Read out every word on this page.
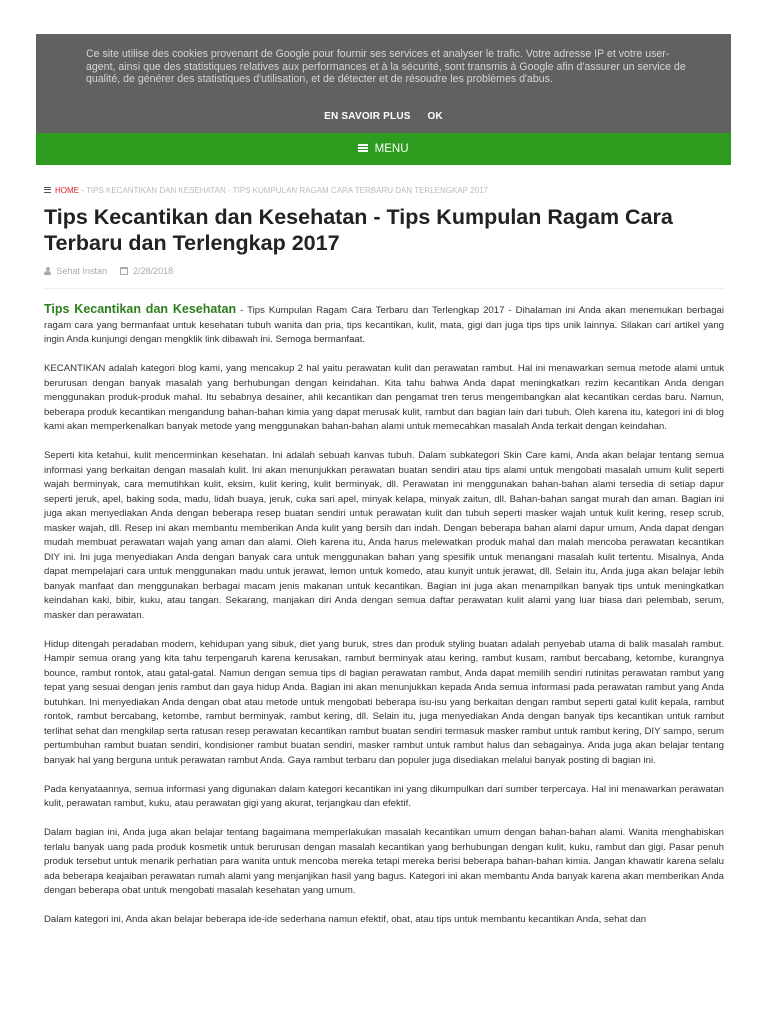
Ce site utilise des cookies provenant de Google pour fournir ses services et analyser le trafic. Votre adresse IP et votre user-agent, ainsi que des statistiques relatives aux performances et à la sécurité, sont transmis à Google afin d'assurer un service de qualité, de générer des statistiques d'utilisation, et de détecter et de résoudre les problèmes d'abus.
EN SAVOIR PLUS OK
MENU
HOME › TIPS KECANTIKAN DAN KESEHATAN - TIPS KUMPULAN RAGAM CARA TERBARU DAN TERLENGKAP 2017
Tips Kecantikan dan Kesehatan - Tips Kumpulan Ragam Cara Terbaru dan Terlengkap 2017
Sehat Instan	2/28/2018

Tips Kecantikan dan Kesehatan - Tips Kumpulan Ragam Cara Terbaru dan Terlengkap 2017 - Dihalaman ini Anda akan menemukan berbagai ragam cara yang bermanfaat untuk kesehatan tubuh wanita dan pria, tips kecantikan, kulit, mata, gigi dan juga tips tips unik lainnya. Silakan cari artikel yang ingin Anda kunjungi dengan mengklik link dibawah ini. Semoga bermanfaat.

KECANTIKAN adalah kategori blog kami, yang mencakup 2 hal yaitu perawatan kulit dan perawatan rambut. Hal ini menawarkan semua metode alami untuk berurusan dengan banyak masalah yang berhubungan dengan keindahan. Kita tahu bahwa Anda dapat meningkatkan rezim kecantikan Anda dengan menggunakan produk-produk mahal. Itu sebabnya desainer, ahli kecantikan dan pengamat tren terus mengembangkan alat kecantikan cerdas baru. Namun, beberapa produk kecantikan mengandung bahan-bahan kimia yang dapat merusak kulit, rambut dan bagian lain dari tubuh. Oleh karena itu, kategori ini di blog kami akan memperkenalkan banyak metode yang menggunakan bahan-bahan alami untuk memecahkan masalah Anda terkait dengan keindahan.

Seperti kita ketahui, kulit mencerminkan kesehatan. Ini adalah sebuah kanvas tubuh. Dalam subkategori Skin Care kami, Anda akan belajar tentang semua informasi yang berkaitan dengan masalah kulit. Ini akan menunjukkan perawatan buatan sendiri atau tips alami untuk mengobati masalah umum kulit seperti wajah berminyak, cara memutihkan kulit, eksim, kulit kering, kulit berminyak, dll. Perawatan ini menggunakan bahan-bahan alami tersedia di setiap dapur seperti jeruk, apel, baking soda, madu, lidah buaya, jeruk, cuka sari apel, minyak kelapa, minyak zaitun, dll. Bahan-bahan sangat murah dan aman. Bagian ini juga akan menyediakan Anda dengan beberapa resep buatan sendiri untuk perawatan kulit dan tubuh seperti masker wajah untuk kulit kering, resep scrub, masker wajah, dll. Resep ini akan membantu memberikan Anda kulit yang bersih dan indah. Dengan beberapa bahan alami dapur umum, Anda dapat dengan mudah membuat perawatan wajah yang aman dan alami. Oleh karena itu, Anda harus melewatkan produk mahal dan malah mencoba perawatan kecantikan DIY ini. Ini juga menyediakan Anda dengan banyak cara untuk menggunakan bahan yang spesifik untuk menangani masalah kulit tertentu. Misalnya, Anda dapat mempelajari cara untuk menggunakan madu untuk jerawat, lemon untuk komedo, atau kunyit untuk jerawat, dll. Selain itu, Anda juga akan belajar lebih banyak manfaat dan menggunakan berbagai macam jenis makanan untuk kecantikan. Bagian ini juga akan menampilkan banyak tips untuk meningkatkan keindahan kaki, bibir, kuku, atau tangan. Sekarang, manjakan diri Anda dengan semua daftar perawatan kulit alami yang luar biasa dari pelembab, serum, masker dan perawatan.

Hidup ditengah peradaban modern, kehidupan yang sibuk, diet yang buruk, stres dan produk styling buatan adalah penyebab utama di balik masalah rambut. Hampir semua orang yang kita tahu terpengaruh karena kerusakan, rambut berminyak atau kering, rambut kusam, rambut bercabang, ketombe, kurangnya bounce, rambut rontok, atau gatal-gatal. Namun dengan semua tips di bagian perawatan rambut, Anda dapat memilih sendiri rutinitas perawatan rambut yang tepat yang sesuai dengan jenis rambut dan gaya hidup Anda. Bagian ini akan menunjukkan kepada Anda semua informasi pada perawatan rambut yang Anda butuhkan. Ini menyediakan Anda dengan obat atau metode untuk mengobati beberapa isu-isu yang berkaitan dengan rambut seperti gatal kulit kepala, rambut rontok, rambut bercabang, ketombe, rambut berminyak, rambut kering, dll. Selain itu, juga menyediakan Anda dengan banyak tips kecantikan untuk rambut terlihat sehat dan mengkilap serta ratusan resep perawatan kecantikan rambut buatan sendiri termasuk masker rambut untuk rambut kering, DIY sampo, serum pertumbuhan rambut buatan sendiri, kondisioner rambut buatan sendiri, masker rambut untuk rambut halus dan sebagainya. Anda juga akan belajar tentang banyak hal yang berguna untuk perawatan rambut Anda. Gaya rambut terbaru dan populer juga disediakan melalui banyak posting di bagian ini.

Pada kenyataannya, semua informasi yang digunakan dalam kategori kecantikan ini yang dikumpulkan dari sumber terpercaya. Hal ini menawarkan perawatan kulit, perawatan rambut, kuku, atau perawatan gigi yang akurat, terjangkau dan efektif.

Dalam bagian ini, Anda juga akan belajar tentang bagaimana memperlakukan masalah kecantikan umum dengan bahan-bahan alami. Wanita menghabiskan terlalu banyak uang pada produk kosmetik untuk berurusan dengan masalah kecantikan yang berhubungan dengan kulit, kuku, rambut dan gigi. Pasar penuh produk tersebut untuk menarik perhatian para wanita untuk mencoba mereka tetapi mereka berisi beberapa bahan-bahan kimia. Jangan khawatir karena selalu ada beberapa keajaiban perawatan rumah alami yang menjanjikan hasil yang bagus. Kategori ini akan membantu Anda banyak karena akan memberikan Anda dengan beberapa obat untuk mengobati masalah kesehatan yang umum.

Dalam kategori ini, Anda akan belajar beberapa ide-ide sederhana namun efektif, obat, atau tips untuk membantu kecantikan Anda, sehat dan
